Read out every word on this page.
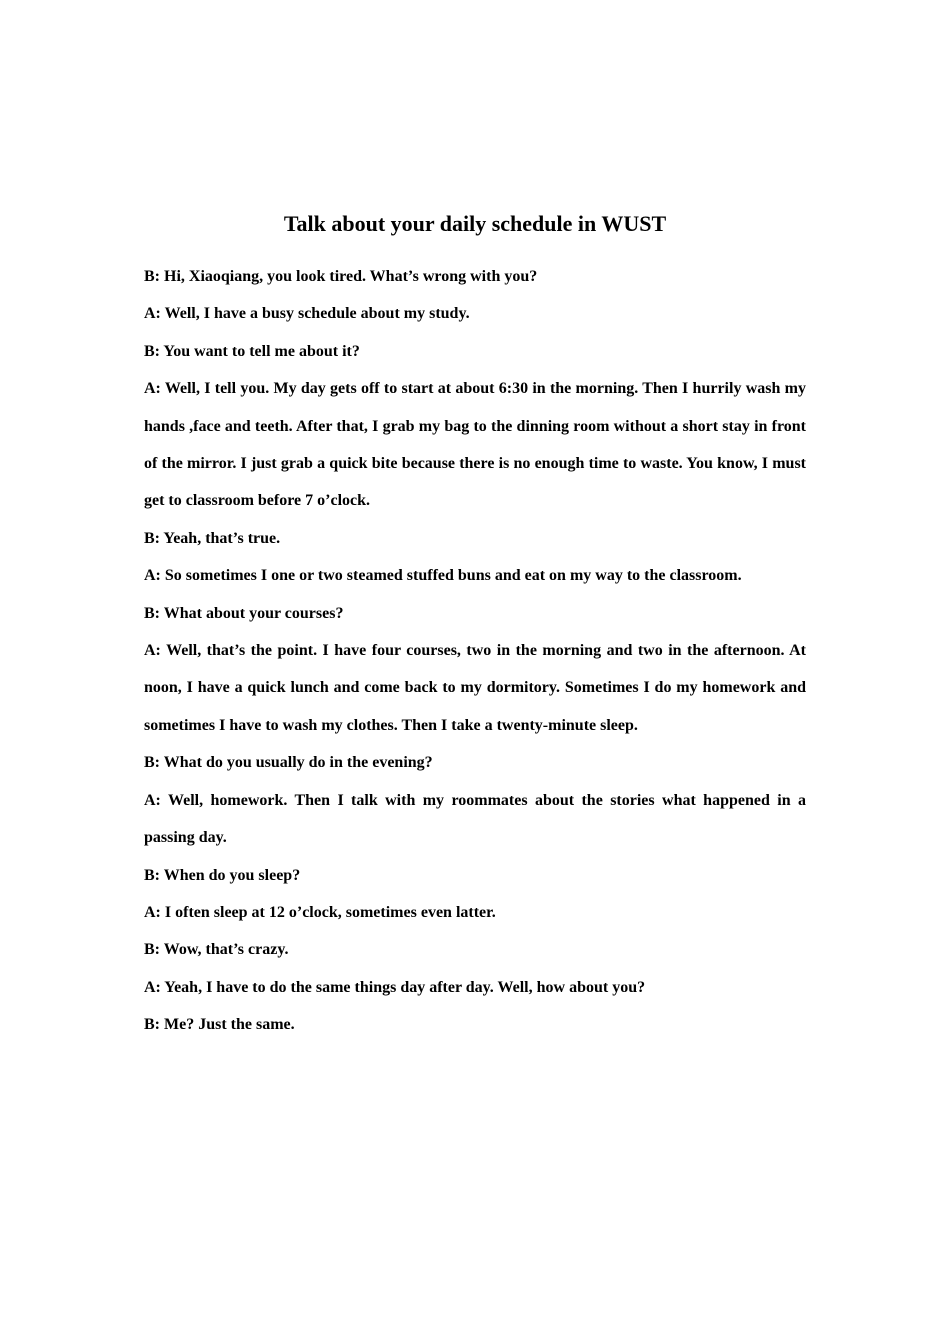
Talk about your daily schedule in WUST

B: Hi, Xiaoqiang, you look tired. What’s wrong with you?

A: Well, I have a busy schedule about my study.

B: You want to tell me about it?

A: Well, I tell you. My day gets off to start at about 6:30 in the morning. Then I hurrily wash my hands ,face and teeth. After that, I grab my bag to the dinning room without a short stay in front of the mirror. I just grab a quick bite because there is no enough time to waste. You know, I must get to classroom before 7 o’clock.

B: Yeah, that’s true.

A: So sometimes I one or two steamed stuffed buns and eat on my way to the classroom.

B: What about your courses?

A: Well, that’s the point. I have four courses, two in the morning and two in the afternoon. At noon, I have a quick lunch and come back to my dormitory. Sometimes I do my homework and sometimes I have to wash my clothes. Then I take a twenty-minute sleep.

B: What do you usually do in the evening?

A: Well, homework. Then I talk with my roommates about the stories what happened in a passing day.

B: When do you sleep?

A: I often sleep at 12 o’clock, sometimes even latter.

B: Wow, that’s crazy.

A: Yeah, I have to do the same things day after day. Well, how about you?

B: Me? Just the same.
